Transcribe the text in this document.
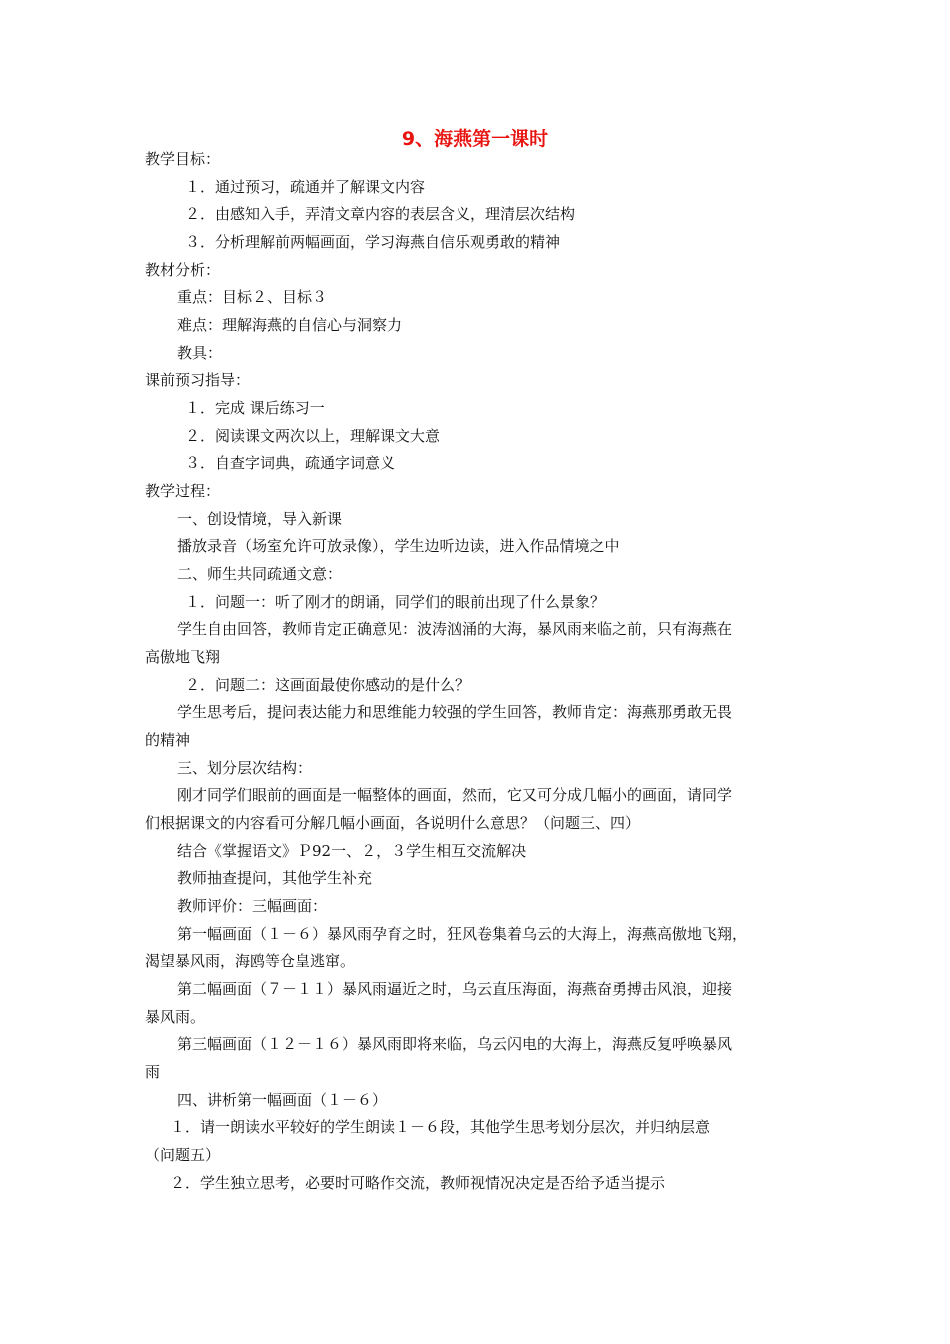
9、海燕第一课时
教学目标：
１．通过预习，疏通并了解课文内容
２．由感知入手，弄清文章内容的表层含义，理清层次结构
３．分析理解前两幅画面，学习海燕自信乐观勇敢的精神
教材分析：
重点：目标２、目标３
难点：理解海燕的自信心与洞察力
教具：
课前预习指导：
１．完成 课后练习一
２．阅读课文两次以上，理解课文大意
３．自查字词典，疏通字词意义
教学过程：
一、创设情境，导入新课
播放录音（场室允许可放录像），学生边听边读，进入作品情境之中
二、师生共同疏通文意：
１．问题一：听了刚才的朗诵，同学们的眼前出现了什么景象？
学生自由回答，教师肯定正确意见：波涛汹涌的大海，暴风雨来临之前，只有海燕在
高傲地飞翔
２．问题二：这画面最使你感动的是什么？
学生思考后，提问表达能力和思维能力较强的学生回答，教师肯定：海燕那勇敢无畏
的精神
三、划分层次结构：
刚才同学们眼前的画面是一幅整体的画面，然而，它又可分成几幅小的画面，请同学
们根据课文的内容看可分解几幅小画面，各说明什么意思？（问题三、四）
结合《掌握语文》Ｐ92一、２，３学生相互交流解决
教师抽查提问，其他学生补充
教师评价：三幅画面：
第一幅画面（１－６）暴风雨孕育之时，狂风卷集着乌云的大海上，海燕高傲地飞翔，
渴望暴风雨，海鸥等仓皇逃窜。
第二幅画面（７－１１）暴风雨逼近之时，乌云直压海面，海燕奋勇搏击风浪，迎接
暴风雨。
第三幅画面（１２－１６）暴风雨即将来临，乌云闪电的大海上，海燕反复呼唤暴风
雨
四、讲析第一幅画面（１－６）
１．请一朗读水平较好的学生朗读１－６段，其他学生思考划分层次，并归纳层意
（问题五）
２．学生独立思考，必要时可略作交流，教师视情况决定是否给予适当提示
